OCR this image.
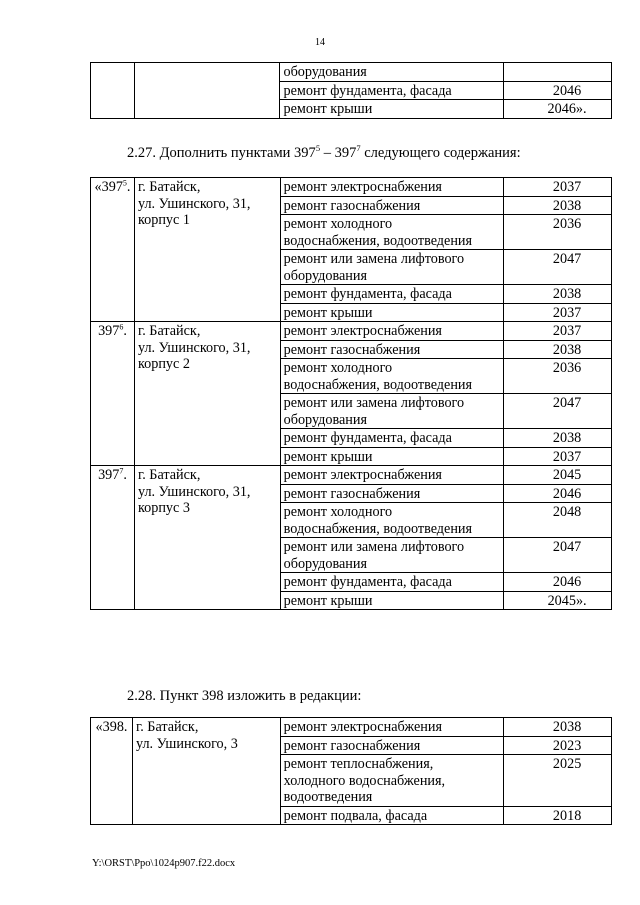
14
		оборудования	
		ремонт фундамента, фасада	2046
		ремонт крыши	2046».
2.27. Дополнить пунктами $397^5 - 397^7$ следующего содержания:
«$397^5$.	г. Батайск,
ул. Ушинского, 31,
корпус 1	ремонт электроснабжения	2037
		ремонт газоснабжения	2038
		ремонт холодного
водоснабжения, водоотведения	2036
		ремонт или замена лифтового
оборудования	2047
		ремонт фундамента, фасада	2038
		ремонт крыши	2037
$397^6$.	г. Батайск,
ул. Ушинского, 31,
корпус 2	ремонт электроснабжения	2037
		ремонт газоснабжения	2038
		ремонт холодного
водоснабжения, водоотведения	2036
		ремонт или замена лифтового
оборудования	2047
		ремонт фундамента, фасада	2038
		ремонт крыши	2037
$397^7$.	г. Батайск,
ул. Ушинского, 31,
корпус 3	ремонт электроснабжения	2045
		ремонт газоснабжения	2046
		ремонт холодного
водоснабжения, водоотведения	2048
		ремонт или замена лифтового
оборудования	2047
		ремонт фундамента, фасада	2046
		ремонт крыши	2045».
2.28. Пункт 398 изложить в редакции:
«398.	г. Батайск,
ул. Ушинского, 3	ремонт электроснабжения	2038
		ремонт газоснабжения	2023
		ремонт теплоснабжения,
холодного водоснабжения,
водоотведения	2025
		ремонт подвала, фасада	2018
Y:\ORST\Ppo\1024p907.f22.docx
